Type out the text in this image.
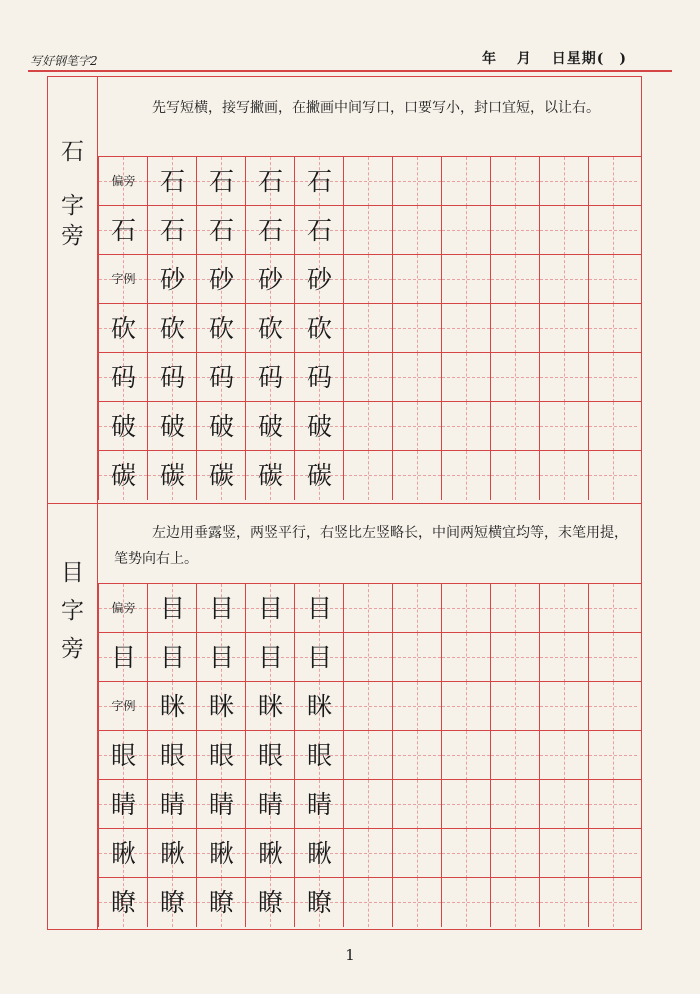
写好钢笔字2	年 月 日星期(　)
石
字
旁
先写短横，接写撇画，在撇画中间写口，口要写小，封口宜短，以让右。
偏旁 石 石 石 石
石 石 石 石 石
字例 砂 砂 砂 砂
砍 砍 砍 砍 砍
码 码 码 码 码
破 破 破 破 破
碳 碳 碳 碳 碳
目
字
旁
左边用垂露竖，两竖平行，右竖比左竖略长，中间两短横宜均等，末笔用提，笔势向右上。
偏旁 目 目 目 目
目 目 目 目 目
字例 眯 眯 眯 眯
眼 眼 眼 眼 眼
睛 睛 睛 睛 睛
瞅 瞅 瞅 瞅 瞅
瞭 瞭 瞭 瞭 瞭
1
